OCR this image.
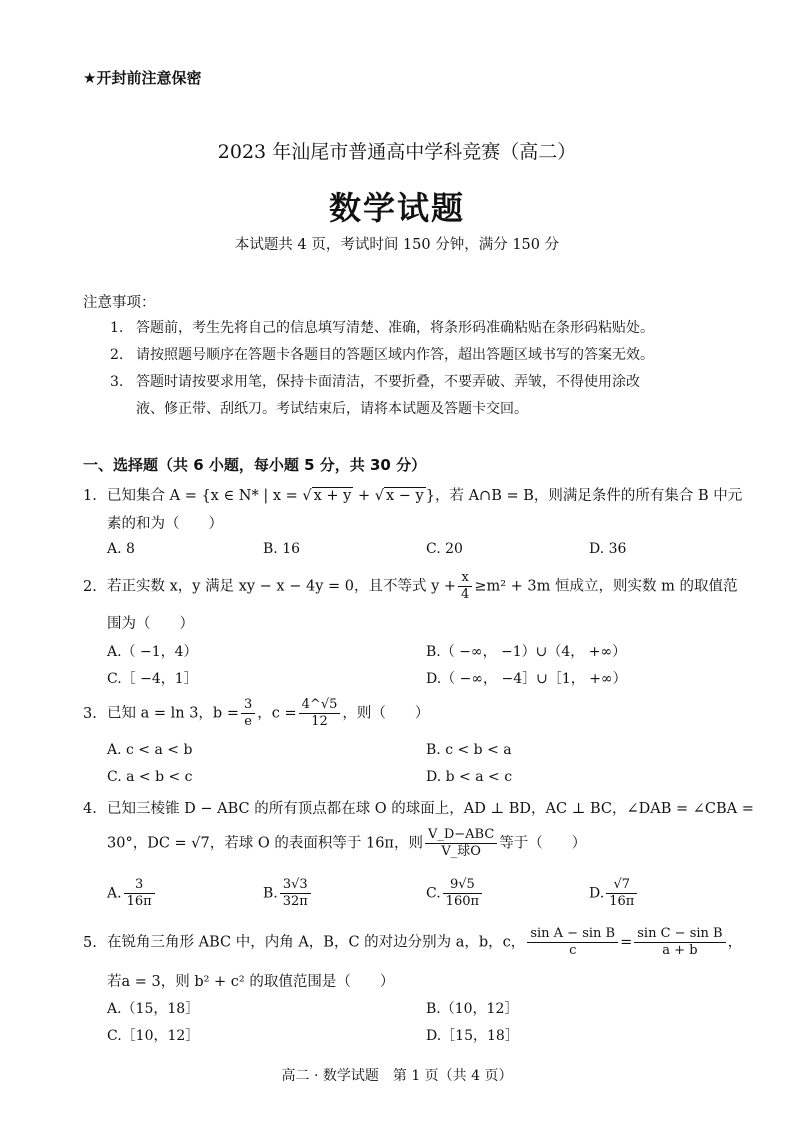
★开封前注意保密
2023 年汕尾市普通高中学科竞赛（高二）
数学试题
本试题共 4 页，考试时间 150 分钟，满分 150 分
注意事项：
1. 答题前，考生先将自己的信息填写清楚、准确，将条形码准确粘贴在条形码粘贴处。
2. 请按照题号顺序在答题卡各题目的答题区域内作答，超出答题区域书写的答案无效。
3. 答题时请按要求用笔，保持卡面清洁，不要折叠，不要弄破、弄皱，不得使用涂改
液、修正带、刮纸刀。考试结束后，请将本试题及答题卡交回。
一、选择题（共 6 小题，每小题 5 分，共 30 分）
1. 已知集合 A = {x ∈ N* | x = √ x + y + √ x − y }，若 A∩B = B，则满足条件的所有集合 B 中元
素的和为（　　）
A. 8	B. 16	C. 20	D. 36
2. 若正实数 x，y 满足 xy − x − 4y = 0，且不等式 $y + \frac{x}{4} \ge m^2 + 3m$ 恒成立，则实数 m 的取值范
围为（　　）
A.（ −1，4）	B.（ −∞， −1）∪（4， +∞）
C.［ −4，1］	D.（ −∞， −4］∪［1， +∞）
3. 已知 a = ln 3，$b = \frac{3}{e}$ ，$c = \frac{4\^{}√5}{12}$ ，则（　　）
A. c < a < b	B. c < b < a
C. a < b < c	D. b < a < c
4. 已知三棱锥 D − ABC 的所有顶点都在球 O 的球面上，AD ⊥ BD，AC ⊥ BC，∠DAB = ∠CBA =
30°，DC = √7，若球 O 的表面积等于 16π，则 $\frac{\text{V\_D−ABC}}{\text{V\_球O}}$ 等于（　　）
A. $\frac{3}{16\pi}$	B. $\frac{3√3}{32\pi}$	C. $\frac{9√5}{160\pi}$	D. $\frac{√7}{16\pi}$
5. 在锐角三角形 ABC 中，内角 A，B，C 的对边分别为 a，b，c， $\frac{\text{sin A − sin B}}{c} = \frac{\text{sin C − sin B}}{a + b}$ ，
若a = 3，则 b² + c² 的取值范围是（　　）
A.（15，18］	B.（10，12］
C.［10，12］	D.［15，18］
高二 · 数学试题　第 1 页（共 4 页）
